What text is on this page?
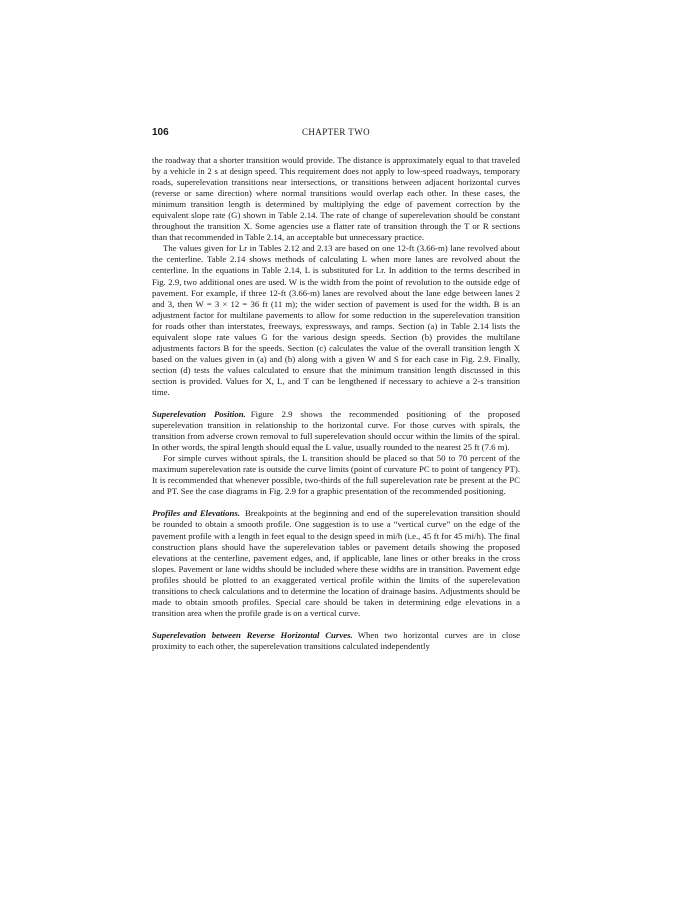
106	CHAPTER TWO

the roadway that a shorter transition would provide. The distance is approximately equal to that traveled by a vehicle in 2 s at design speed. This requirement does not apply to low-speed roadways, temporary roads, superelevation transitions near intersections, or transitions between adjacent horizontal curves (reverse or same direction) where normal transitions would overlap each other. In these cases, the minimum transition length is determined by multiplying the edge of pavement correction by the equivalent slope rate (G) shown in Table 2.14. The rate of change of superelevation should be constant throughout the transition X. Some agencies use a flatter rate of transition through the T or R sections than that recommended in Table 2.14, an acceptable but unnecessary practice.

The values given for Lr in Tables 2.12 and 2.13 are based on one 12-ft (3.66-m) lane revolved about the centerline. Table 2.14 shows methods of calculating L when more lanes are revolved about the centerline. In the equations in Table 2.14, L is substituted for Lr. In addition to the terms described in Fig. 2.9, two additional ones are used. W is the width from the point of revolution to the outside edge of pavement. For example, if three 12-ft (3.66-m) lanes are revolved about the lane edge between lanes 2 and 3, then W = 3 × 12 = 36 ft (11 m); the wider section of pavement is used for the width. B is an adjustment factor for multilane pavements to allow for some reduction in the superelevation transition for roads other than interstates, freeways, expressways, and ramps. Section (a) in Table 2.14 lists the equivalent slope rate values G for the various design speeds. Section (b) provides the multilane adjustments factors B for the speeds. Section (c) calculates the value of the overall transition length X based on the values given in (a) and (b) along with a given W and S for each case in Fig. 2.9. Finally, section (d) tests the values calculated to ensure that the minimum transition length discussed in this section is provided. Values for X, L, and T can be lengthened if necessary to achieve a 2-s transition time.

Superelevation Position. Figure 2.9 shows the recommended positioning of the proposed superelevation transition in relationship to the horizontal curve. For those curves with spirals, the transition from adverse crown removal to full superelevation should occur within the limits of the spiral. In other words, the spiral length should equal the L value, usually rounded to the nearest 25 ft (7.6 m).

For simple curves without spirals, the L transition should be placed so that 50 to 70 percent of the maximum superelevation rate is outside the curve limits (point of curvature PC to point of tangency PT). It is recommended that whenever possible, two-thirds of the full superelevation rate be present at the PC and PT. See the case diagrams in Fig. 2.9 for a graphic presentation of the recommended positioning.

Profiles and Elevations. Breakpoints at the beginning and end of the superelevation transition should be rounded to obtain a smooth profile. One suggestion is to use a “vertical curve” on the edge of the pavement profile with a length in feet equal to the design speed in mi/h (i.e., 45 ft for 45 mi/h). The final construction plans should have the superelevation tables or pavement details showing the proposed elevations at the centerline, pavement edges, and, if applicable, lane lines or other breaks in the cross slopes. Pavement or lane widths should be included where these widths are in transition. Pavement edge profiles should be plotted to an exaggerated vertical profile within the limits of the superelevation transitions to check calculations and to determine the location of drainage basins. Adjustments should be made to obtain smooth profiles. Special care should be taken in determining edge elevations in a transition area when the profile grade is on a vertical curve.

Superelevation between Reverse Horizontal Curves. When two horizontal curves are in close proximity to each other, the superelevation transitions calculated independently
